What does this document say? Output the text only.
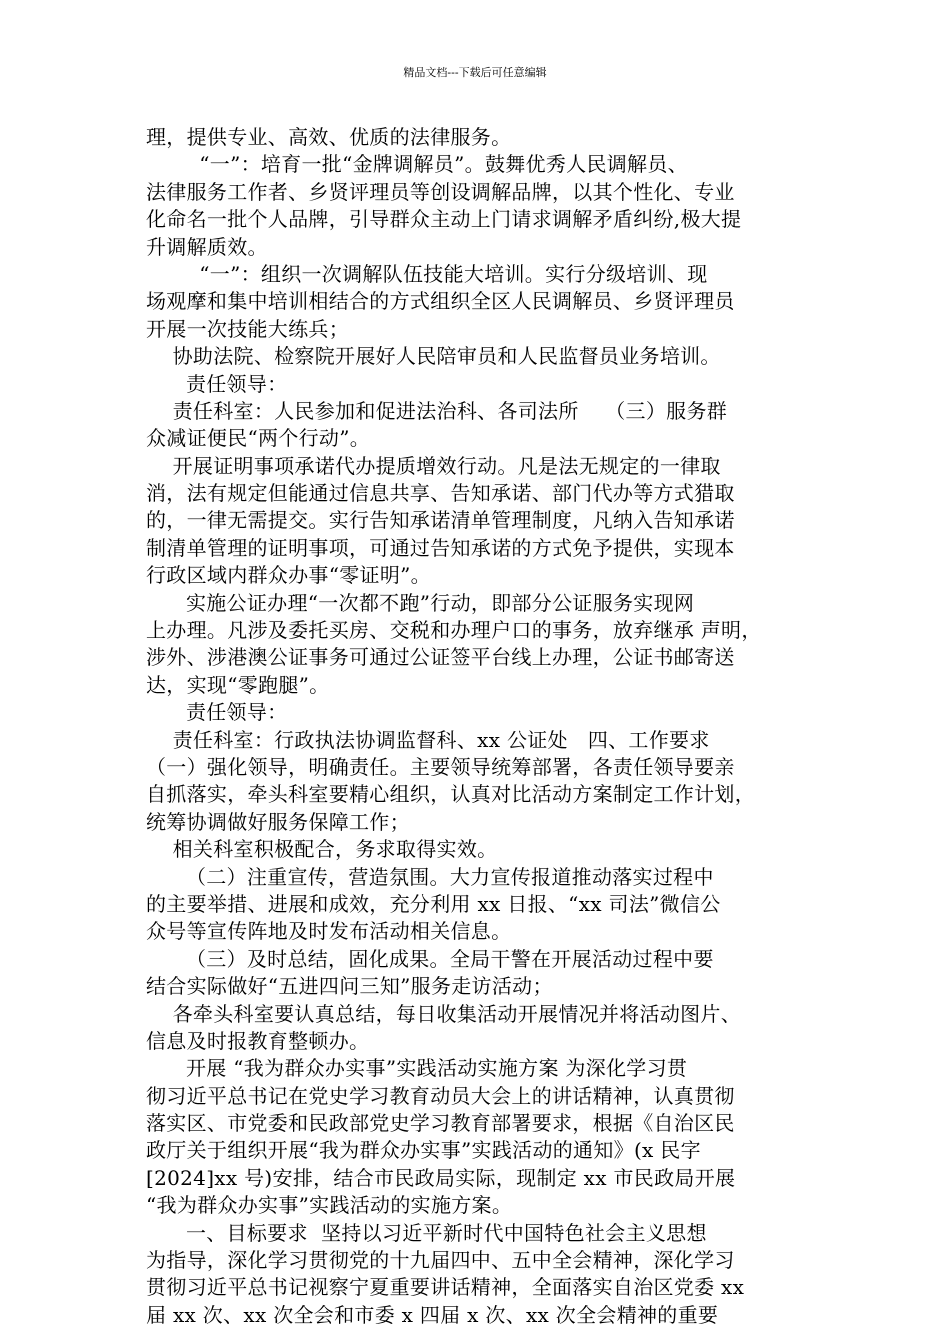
精品文档---下载后可任意编辑
理，提供专业、高效、优质的法律服务。
“一”：培育一批“金牌调解员”。鼓舞优秀人民调解员、
法律服务工作者、乡贤评理员等创设调解品牌，以其个性化、专业
化命名一批个人品牌，引导群众主动上门请求调解矛盾纠纷,极大提
升调解质效。
“一”：组织一次调解队伍技能大培训。实行分级培训、现
场观摩和集中培训相结合的方式组织全区人民调解员、乡贤评理员
开展一次技能大练兵；
协助法院、检察院开展好人民陪审员和人民监督员业务培训。
责任领导：
责任科室：人民参加和促进法治科、各司法所    （三）服务群
众减证便民“两个行动”。
开展证明事项承诺代办提质增效行动。凡是法无规定的一律取
消，法有规定但能通过信息共享、告知承诺、部门代办等方式猎取
的，一律无需提交。实行告知承诺清单管理制度，凡纳入告知承诺
制清单管理的证明事项，可通过告知承诺的方式免予提供，实现本
行政区域内群众办事“零证明”。
实施公证办理“一次都不跑”行动，即部分公证服务实现网
上办理。凡涉及委托买房、交税和办理户口的事务，放弃继承 声明，
涉外、涉港澳公证事务可通过公证签平台线上办理，公证书邮寄送
达，实现“零跑腿”。
责任领导：
责任科室：行政执法协调监督科、xx 公证处   四、工作要求
（一）强化领导，明确责任。主要领导统筹部署，各责任领导要亲
自抓落实，牵头科室要精心组织，认真对比活动方案制定工作计划，
统筹协调做好服务保障工作；
相关科室积极配合，务求取得实效。
（二）注重宣传，营造氛围。大力宣传报道推动落实过程中
的主要举措、进展和成效，充分利用 xx 日报、“xx 司法”微信公
众号等宣传阵地及时发布活动相关信息。
（三）及时总结，固化成果。全局干警在开展活动过程中要
结合实际做好“五进四问三知”服务走访活动；
各牵头科室要认真总结，每日收集活动开展情况并将活动图片、
信息及时报教育整顿办。
开展 “我为群众办实事”实践活动实施方案 为深化学习贯
彻习近平总书记在党史学习教育动员大会上的讲话精神，认真贯彻
落实区、市党委和民政部党史学习教育部署要求，根据《自治区民
政厅关于组织开展“我为群众办实事”实践活动的通知》(x 民字
[2024]xx 号)安排，结合市民政局实际，现制定 xx 市民政局开展
“我为群众办实事”实践活动的实施方案。
一、目标要求  坚持以习近平新时代中国特色社会主义思想
为指导，深化学习贯彻党的十九届四中、五中全会精神，深化学习
贯彻习近平总书记视察宁夏重要讲话精神，全面落实自治区党委 xx
届 xx 次、xx 次全会和市委 x 四届 x 次、xx 次全会精神的重要
